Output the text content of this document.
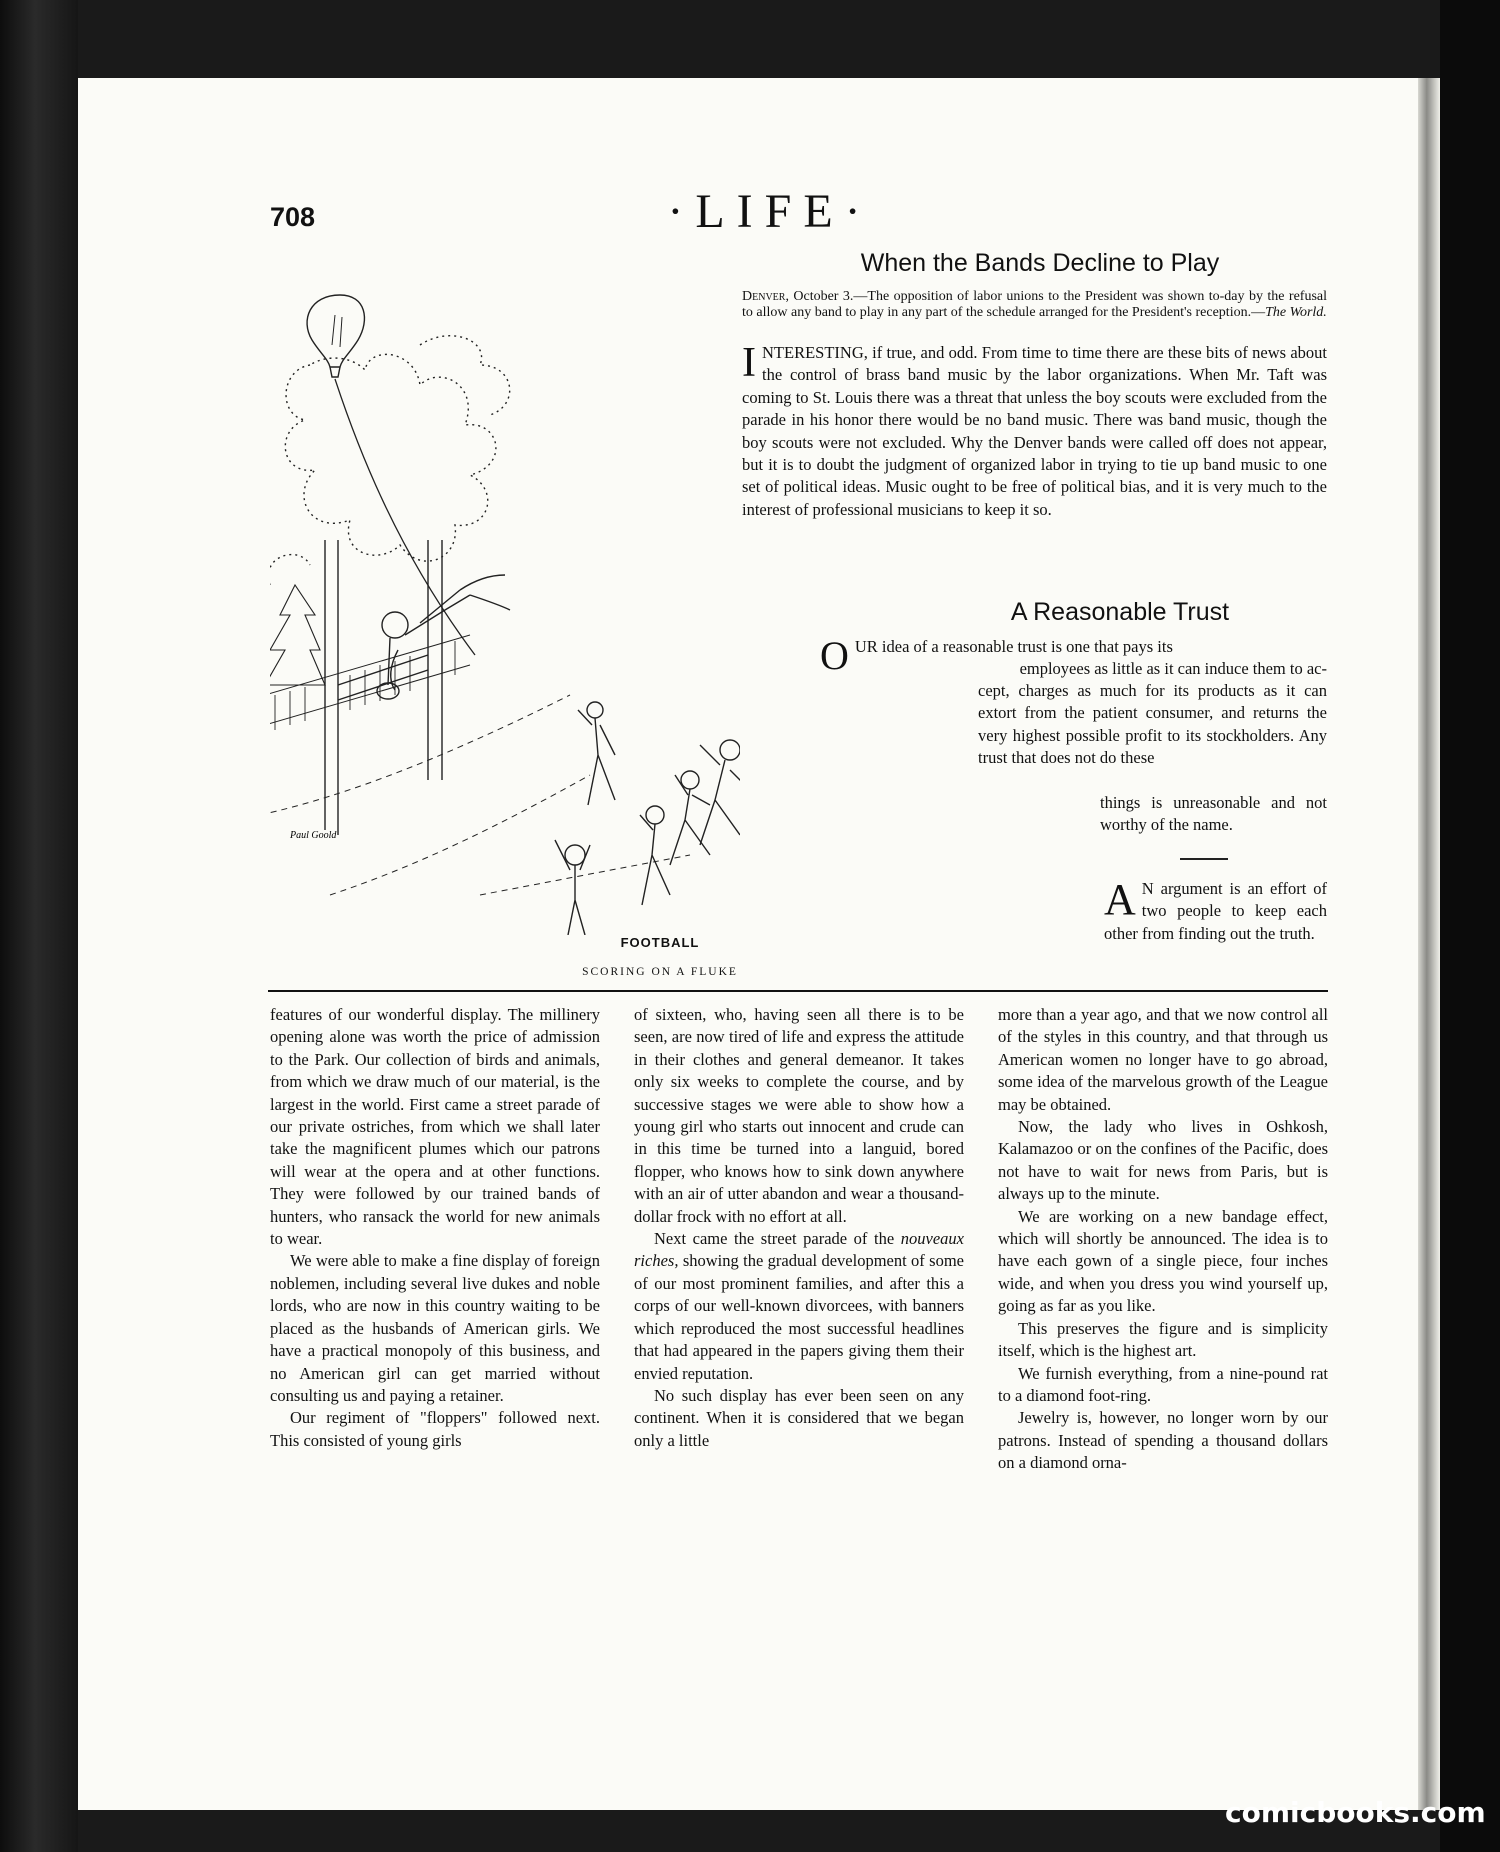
708	·LIFE·
When the Bands Decline to Play
Denver, October 3.—The opposition of labor unions to the President was shown to-day by the refusal to allow any band to play in any part of the schedule arranged for the President's reception.—The World.
INTERESTING, if true, and odd. From time to time there are these bits of news about the control of brass band music by the labor organizations. When Mr. Taft was coming to St. Louis there was a threat that unless the boy scouts were excluded from the parade in his honor there would be no band music. There was band music, though the boy scouts were not excluded. Why the Denver bands were called off does not appear, but it is to doubt the judgment of organized labor in trying to tie up band music to one set of political ideas. Music ought to be free of political bias, and it is very much to the interest of professional musicians to keep it so.
A Reasonable Trust
O UR idea of a reasonable trust is one that pays its
employees as little as it can induce them to ac-
cept, charges as much for its products as it can extort from the patient consumer, and returns the very highest possible profit to its stockholders. Any trust that does not do these
things is unreasonable and not worthy of the name.
A N argument is an effort of two people to keep each other from finding out the truth.
Paul Goold
FOOTBALL
SCORING ON A FLUKE

features of our wonderful display. The millinery opening alone was worth the price of admission to the Park. Our collection of birds and animals, from which we draw much of our material, is the largest in the world. First came a street parade of our private ostriches, from which we shall later take the magnificent plumes which our patrons will wear at the opera and at other functions. They were followed by our trained bands of hunters, who ransack the world for new animals to wear.

We were able to make a fine display of foreign noblemen, including several live dukes and noble lords, who are now in this country waiting to be placed as the husbands of American girls. We have a practical monopoly of this business, and no American girl can get married without consulting us and paying a retainer.

Our regiment of "floppers" followed next. This consisted of young girls

of sixteen, who, having seen all there is to be seen, are now tired of life and express the attitude in their clothes and general demeanor. It takes only six weeks to complete the course, and by successive stages we were able to show how a young girl who starts out innocent and crude can in this time be turned into a languid, bored flopper, who knows how to sink down anywhere with an air of utter abandon and wear a thousand-dollar frock with no effort at all.

Next came the street parade of the nouveaux riches, showing the gradual development of some of our most prominent families, and after this a corps of our well-known divorcees, with banners which reproduced the most successful headlines that had appeared in the papers giving them their envied reputation.

No such display has ever been seen on any continent. When it is considered that we began only a little

more than a year ago, and that we now control all of the styles in this country, and that through us American women no longer have to go abroad, some idea of the marvelous growth of the League may be obtained.

Now, the lady who lives in Oshkosh, Kalamazoo or on the confines of the Pacific, does not have to wait for news from Paris, but is always up to the minute.

We are working on a new bandage effect, which will shortly be announced. The idea is to have each gown of a single piece, four inches wide, and when you dress you wind yourself up, going as far as you like.

This preserves the figure and is simplicity itself, which is the highest art.

We furnish everything, from a nine-pound rat to a diamond foot-ring.

Jewelry is, however, no longer worn by our patrons. Instead of spending a thousand dollars on a diamond orna-

comicbooks.com
